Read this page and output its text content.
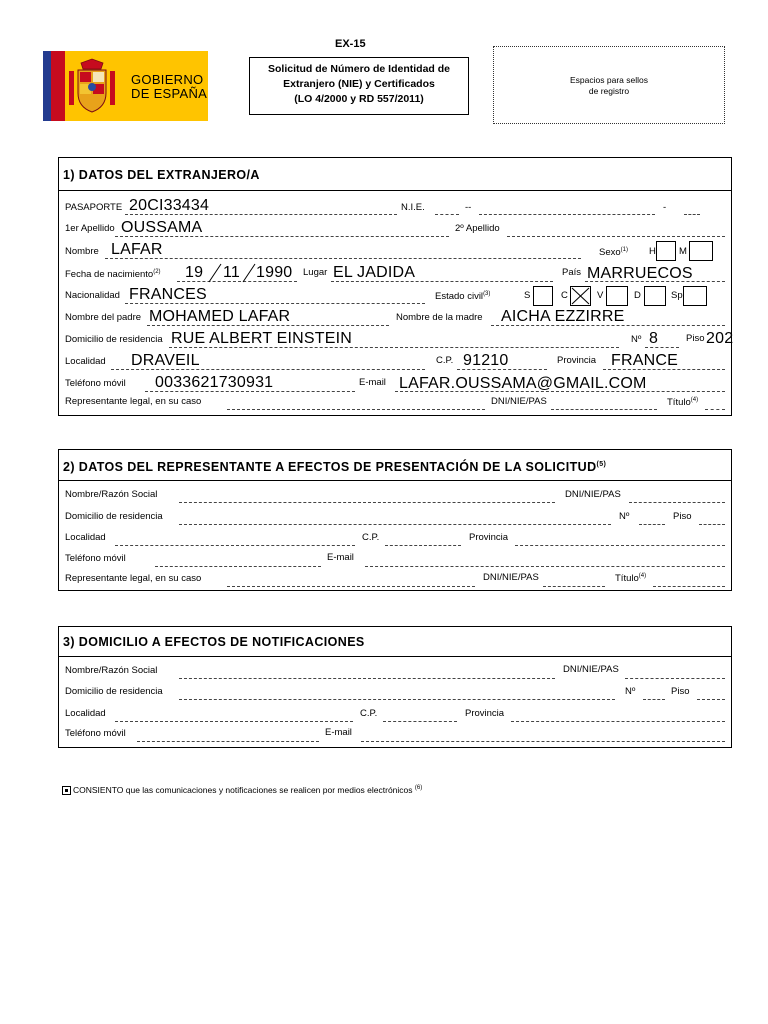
GOBIERNO
DE ESPAÑA
EX-15
Solicitud de Número de Identidad de
Extranjero (NIE) y Certificados
(LO 4/2000 y RD 557/2011)
Espacios para sellos
de registro
1) DATOS DEL EXTRANJERO/A
PASAPORTE 20CI33434	N.I.E.	--	-
1er Apellido OUSSAMA	2º Apellido
Nombre LAFAR	Sexo$^{(1)}$ H M
Fecha de nacimiento$^{(2)}$ 19 11 1990 Lugar EL JADIDA	País MARRUECOS
Nacionalidad FRANCES	Estado civil$^{(3)}$	S	C	V	D	Sp
Nombre del padre MOHAMED LAFAR	Nombre de la madre AICHA EZZIRRE
Domicilio de residencia RUE ALBERT EINSTEIN	Nº 8	Piso 202
Localidad DRAVEIL	C.P. 91210	Provincia FRANCE
Teléfono móvil 0033621730931	E-mail LAFAR.OUSSAMA@GMAIL.COM
Representante legal, en su caso	DNI/NIE/PAS	Título$^{(4)}$
2) DATOS DEL REPRESENTANTE A EFECTOS DE PRESENTACIÓN DE LA SOLICITUD$^{(5)}$
Nombre/Razón Social	DNI/NIE/PAS
Domicilio de residencia	Nº	Piso
Localidad	C.P.	Provincia
Teléfono móvil	E-mail
Representante legal, en su caso	DNI/NIE/PAS	Título$^{(4)}$
3) DOMICILIO A EFECTOS DE NOTIFICACIONES
Nombre/Razón Social	DNI/NIE/PAS
Domicilio de residencia	Nº	Piso
Localidad	C.P.	Provincia
Teléfono móvil	E-mail
CONSIENTO que las comunicaciones y notificaciones se realicen por medios electrónicos $^{(6)}$
